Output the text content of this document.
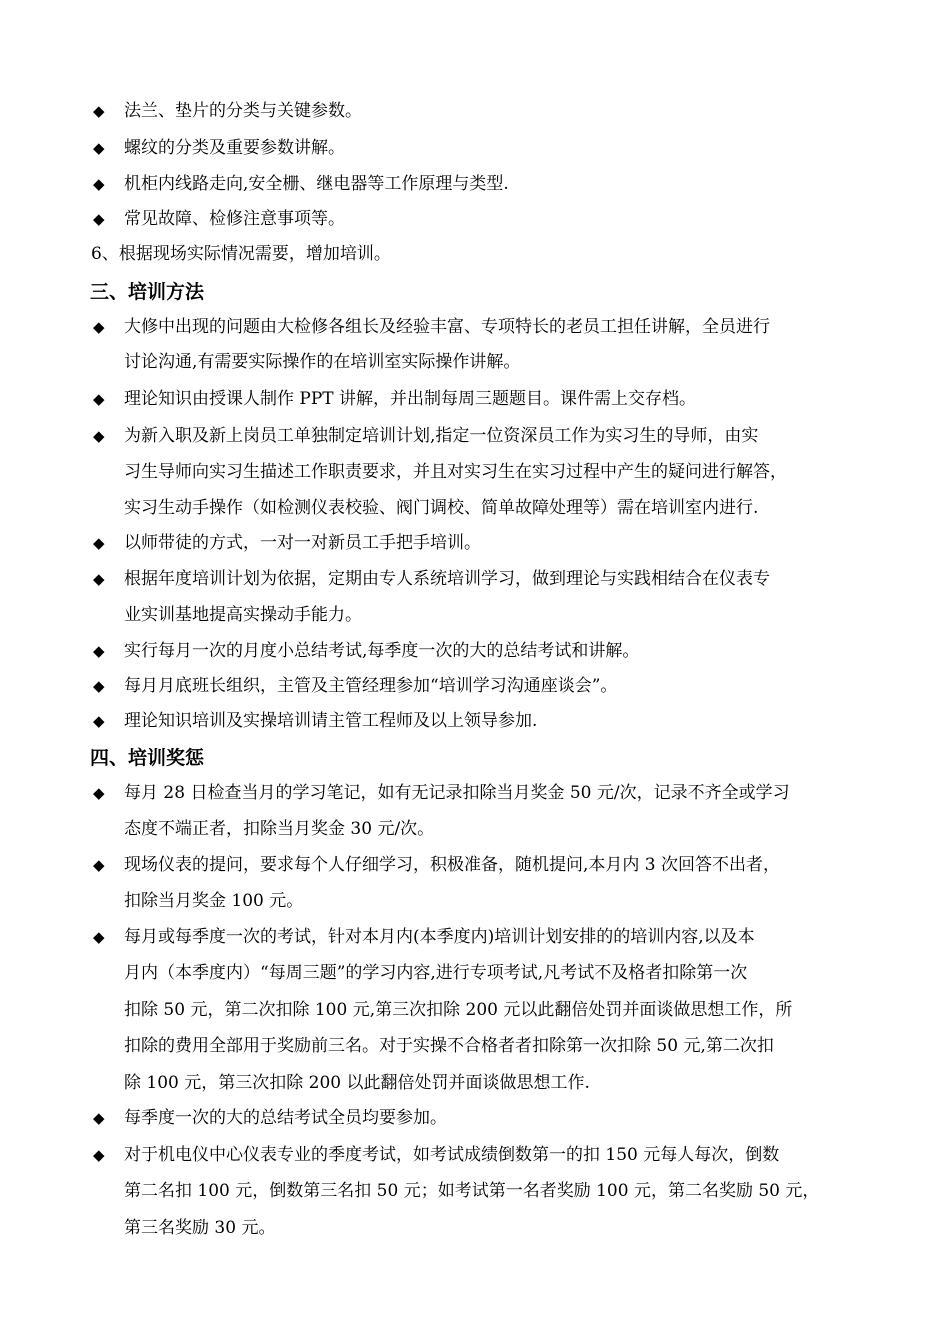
◆ 法兰、垫片的分类与关键参数。
◆ 螺纹的分类及重要参数讲解。
◆ 机柜内线路走向,安全栅、继电器等工作原理与类型.
◆ 常见故障、检修注意事项等。
6、根据现场实际情况需要，增加培训。
三、培训方法
◆ 大修中出现的问题由大检修各组长及经验丰富、专项特长的老员工担任讲解，全员进行
讨论沟通,有需要实际操作的在培训室实际操作讲解。
◆ 理论知识由授课人制作 PPT 讲解，并出制每周三题题目。课件需上交存档。
◆ 为新入职及新上岗员工单独制定培训计划,指定一位资深员工作为实习生的导师，由实
习生导师向实习生描述工作职责要求，并且对实习生在实习过程中产生的疑问进行解答，
实习生动手操作（如检测仪表校验、阀门调校、简单故障处理等）需在培训室内进行.
◆ 以师带徒的方式，一对一对新员工手把手培训。
◆ 根据年度培训计划为依据，定期由专人系统培训学习，做到理论与实践相结合在仪表专
业实训基地提高实操动手能力。
◆ 实行每月一次的月度小总结考试,每季度一次的大的总结考试和讲解。
◆ 每月月底班长组织，主管及主管经理参加“培训学习沟通座谈会”。
◆ 理论知识培训及实操培训请主管工程师及以上领导参加.
四、培训奖惩
◆ 每月 28 日检查当月的学习笔记，如有无记录扣除当月奖金 50 元/次，记录不齐全或学习
态度不端正者，扣除当月奖金 30 元/次。
◆ 现场仪表的提问，要求每个人仔细学习，积极准备，随机提问,本月内 3 次回答不出者，
扣除当月奖金 100 元。
◆ 每月或每季度一次的考试，针对本月内(本季度内)培训计划安排的的培训内容,以及本
月内（本季度内）“每周三题”的学习内容,进行专项考试,凡考试不及格者扣除第一次
扣除 50 元，第二次扣除 100 元,第三次扣除 200 元以此翻倍处罚并面谈做思想工作，所
扣除的费用全部用于奖励前三名。对于实操不合格者者扣除第一次扣除 50 元,第二次扣
除 100 元，第三次扣除 200 以此翻倍处罚并面谈做思想工作.
◆ 每季度一次的大的总结考试全员均要参加。
◆ 对于机电仪中心仪表专业的季度考试，如考试成绩倒数第一的扣 150 元每人每次，倒数
第二名扣 100 元，倒数第三名扣 50 元；如考试第一名者奖励 100 元，第二名奖励 50 元，
第三名奖励 30 元。
